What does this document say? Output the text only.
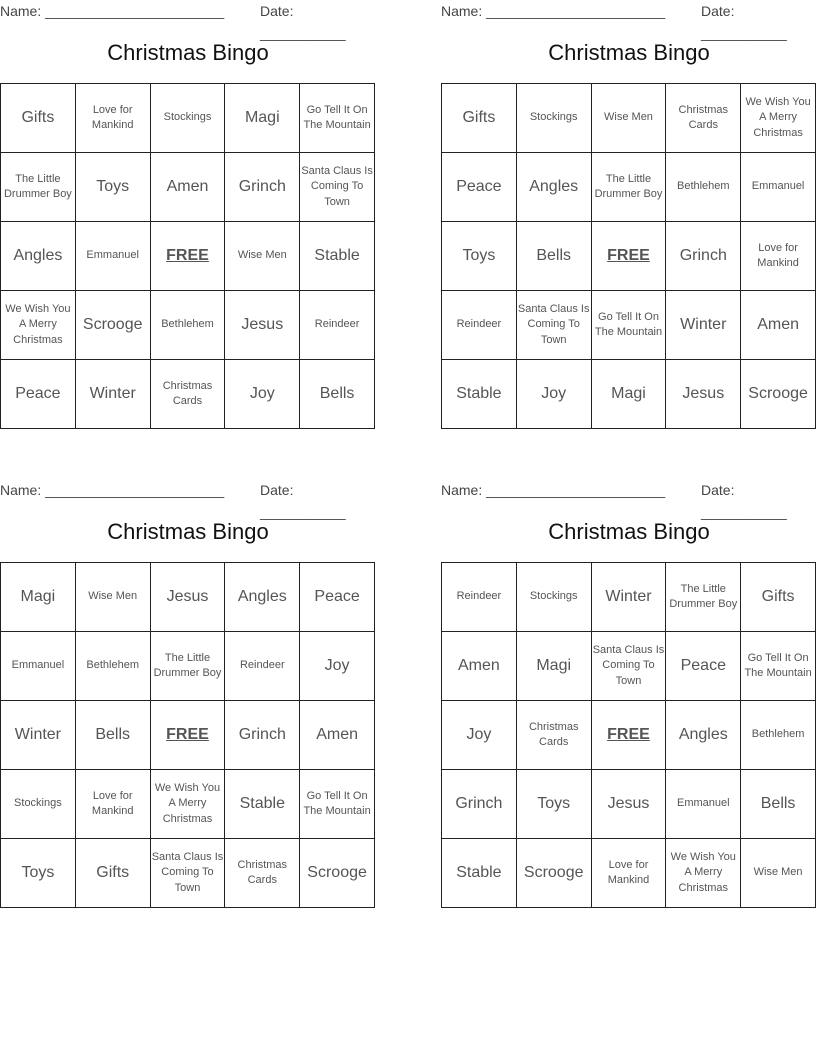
Name: _______________________	Date: ___________
Christmas Bingo
Gifts	Love for Mankind	Stockings	Magi	Go Tell It On The Mountain
The Little Drummer Boy	Toys	Amen	Grinch	Santa Claus Is Coming To Town
Angles	Emmanuel	FREE	Wise Men	Stable
We Wish You A Merry Christmas	Scrooge	Bethlehem	Jesus	Reindeer
Peace	Winter	Christmas Cards	Joy	Bells
Name: _______________________	Date: ___________
Christmas Bingo
Gifts	Stockings	Wise Men	Christmas Cards	We Wish You A Merry Christmas
Peace	Angles	The Little Drummer Boy	Bethlehem	Emmanuel
Toys	Bells	FREE	Grinch	Love for Mankind
Reindeer	Santa Claus Is Coming To Town	Go Tell It On The Mountain	Winter	Amen
Stable	Joy	Magi	Jesus	Scrooge
Name: _______________________	Date: ___________
Christmas Bingo
Magi	Wise Men	Jesus	Angles	Peace
Emmanuel	Bethlehem	The Little Drummer Boy	Reindeer	Joy
Winter	Bells	FREE	Grinch	Amen
Stockings	Love for Mankind	We Wish You A Merry Christmas	Stable	Go Tell It On The Mountain
Toys	Gifts	Santa Claus Is Coming To Town	Christmas Cards	Scrooge
Name: _______________________	Date: ___________
Christmas Bingo
Reindeer	Stockings	Winter	The Little Drummer Boy	Gifts
Amen	Magi	Santa Claus Is Coming To Town	Peace	Go Tell It On The Mountain
Joy	Christmas Cards	FREE	Angles	Bethlehem
Grinch	Toys	Jesus	Emmanuel	Bells
Stable	Scrooge	Love for Mankind	We Wish You A Merry Christmas	Wise Men
